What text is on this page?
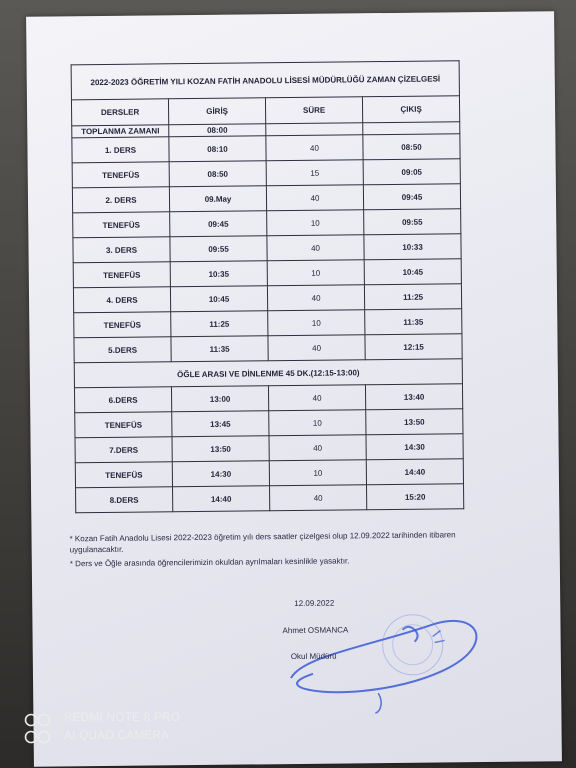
2022-2023 ÖĞRETİM YILI KOZAN FATİH ANADOLU LİSESİ MÜDÜRLÜĞÜ ZAMAN ÇİZELGESİ			
DERSLER	GİRİŞ	SÜRE	ÇIKIŞ
TOPLANMA ZAMANI	08:00		
1. DERS	08:10	40	08:50
TENEFÜS	08:50	15	09:05
2. DERS	09.May	40	09:45
TENEFÜS	09:45	10	09:55
3. DERS	09:55	40	10:33
TENEFÜS	10:35	10	10:45
4. DERS	10:45	40	11:25
TENEFÜS	11:25	10	11:35
5.DERS	11:35	40	12:15
ÖĞLE ARASI VE DİNLENME 45 DK.(12:15-13:00)			
6.DERS	13:00	40	13:40
TENEFÜS	13:45	10	13:50
7.DERS	13:50	40	14:30
TENEFÜS	14:30	10	14:40
8.DERS	14:40	40	15:20

* Kozan Fatih Anadolu Lisesi 2022-2023 öğretim yılı ders saatler çizelgesi olup 12.09.2022 tarihinden itibaren uygulanacaktır.

* Ders ve Öğle arasında öğrencilerimizin okuldan ayrılmaları kesinlikle yasaktır.

12.09.2022
Ahmet OSMANCA
Okul Müdürü
REDMI NOTE 8 PRO
AI QUAD CAMERA
